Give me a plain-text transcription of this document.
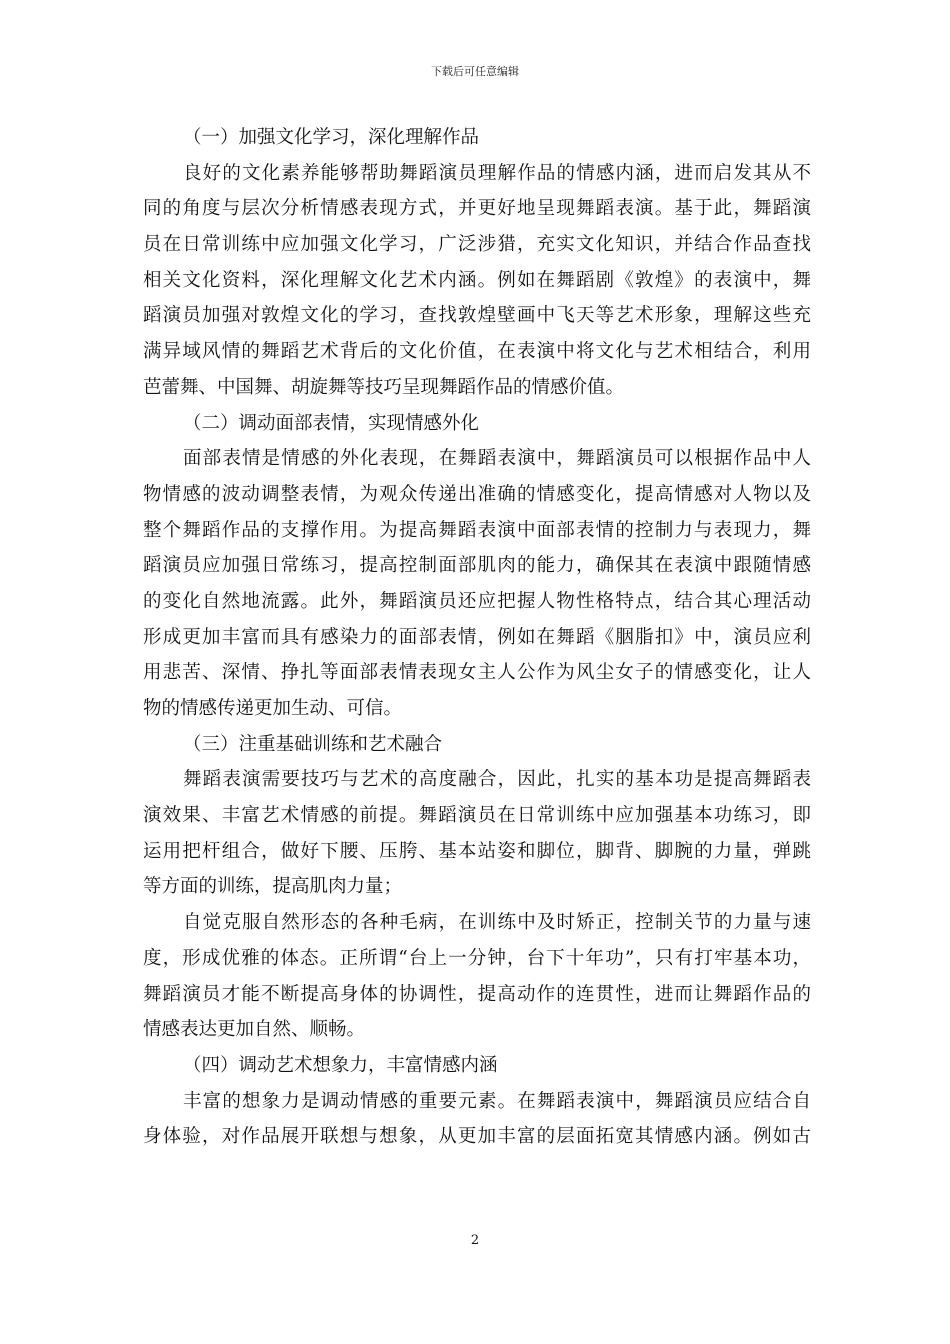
下载后可任意编辑
（一）加强文化学习，深化理解作品
良好的文化素养能够帮助舞蹈演员理解作品的情感内涵，进而启发其从不
同的角度与层次分析情感表现方式，并更好地呈现舞蹈表演。基于此，舞蹈演
员在日常训练中应加强文化学习，广泛涉猎，充实文化知识，并结合作品查找
相关文化资料，深化理解文化艺术内涵。例如在舞蹈剧《敦煌》的表演中，舞
蹈演员加强对敦煌文化的学习，查找敦煌壁画中飞天等艺术形象，理解这些充
满异域风情的舞蹈艺术背后的文化价值，在表演中将文化与艺术相结合，利用
芭蕾舞、中国舞、胡旋舞等技巧呈现舞蹈作品的情感价值。
（二）调动面部表情，实现情感外化
面部表情是情感的外化表现，在舞蹈表演中，舞蹈演员可以根据作品中人
物情感的波动调整表情，为观众传递出准确的情感变化，提高情感对人物以及
整个舞蹈作品的支撑作用。为提高舞蹈表演中面部表情的控制力与表现力，舞
蹈演员应加强日常练习，提高控制面部肌肉的能力，确保其在表演中跟随情感
的变化自然地流露。此外，舞蹈演员还应把握人物性格特点，结合其心理活动
形成更加丰富而具有感染力的面部表情，例如在舞蹈《胭脂扣》中，演员应利
用悲苦、深情、挣扎等面部表情表现女主人公作为风尘女子的情感变化，让人
物的情感传递更加生动、可信。
（三）注重基础训练和艺术融合
舞蹈表演需要技巧与艺术的高度融合，因此，扎实的基本功是提高舞蹈表
演效果、丰富艺术情感的前提。舞蹈演员在日常训练中应加强基本功练习，即
运用把杆组合，做好下腰、压胯、基本站姿和脚位，脚背、脚腕的力量，弹跳
等方面的训练，提高肌肉力量；
自觉克服自然形态的各种毛病，在训练中及时矫正，控制关节的力量与速
度，形成优雅的体态。正所谓“台上一分钟，台下十年功”，只有打牢基本功，
舞蹈演员才能不断提高身体的协调性，提高动作的连贯性，进而让舞蹈作品的
情感表达更加自然、顺畅。
（四）调动艺术想象力，丰富情感内涵
丰富的想象力是调动情感的重要元素。在舞蹈表演中，舞蹈演员应结合自
身体验，对作品展开联想与想象，从更加丰富的层面拓宽其情感内涵。例如古
2
